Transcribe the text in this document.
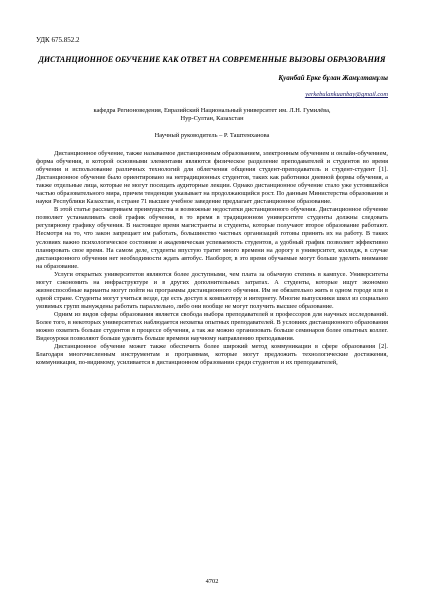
УДК 675.852.2
ДИСТАНЦИОННОЕ ОБУЧЕНИЕ КАК ОТВЕТ НА СОВРЕМЕННЫЕ ВЫЗОВЫ ОБРАЗОВАНИЯ
Қуанбай Ерке бұлан Жанұлтанұлы
yerkebulankuanbay@gmail.com
кафедра Регионоведения, Евразийский Национальный университет им. Л.Н. Гумилёва,
Нур-Султан, Казахстан
Научный руководитель – Р. Таштемханова

Дистанционное обучение, также называемое дистанционным образованием, электронным обучением и онлайн-обучением, форма обучения, в которой основными элементами являются физическое разделение преподавателей и студентов во время обучения и использование различных технологий для облегчения общения студент-преподаватель и студент-студент [1]. Дистанционное обучение было ориентировано на нетрадиционных студентов, таких как работники дневной формы обучения, а также отдельные лица, которые не могут посещать аудиторные лекции. Однако дистанционное обучение стало уже устоявшейся частью образовательного мира, причем тенденция указывает на продолжающийся рост. По данным Министерства образования и науки Республики Казахстан, в стране 71 высшее учебное заведение предлагает дистанционное образование.

В этой статье рассматриваем преимущества и возможные недостатки дистанционного обучения. Дистанционное обучение позволяет устанавливать свой график обучения, в то время в традиционном университете студенты должны следовать регулярному графику обучения. В настоящее время магистранты и студенты, которые получают второе образование работают. Несмотря на то, что закон запрещает им работать, большинство частных организаций готовы принять их на работу. В таких условиях важно психологическое состояние и академическая успеваемость студентов, а удобный график позволяет эффективно планировать свое время. На самом деле, студенты впустую тратят много времени на дорогу в университет, колледж, в случае дистанционного обучения нет необходимости ждать автобус. Наоборот, в это время обучаемые могут больше уделять внимание на образование.

Услуги открытых университетов являются более доступными, чем плата за обычную степень в кампусе. Университеты могут сэкономить на инфраструктуре и в других дополнительных затратах. А студенты, которые ищут экономно жизнеспособные варианты могут пойти на программы дистанционного обучения. Им не обязательно жить в одном городе или в одной стране. Студенты могут учиться везде, где есть доступ к компьютеру и интернету. Многие выпускники школ из социально уязвимых групп вынуждены работать параллельно, либо они вообще не могут получить высшее образование.

Одним из видов сферы образования является свобода выбора преподавателей и профессоров для научных исследований. Более того, в некоторых университетах наблюдается нехватка опытных преподавателей. В условиях дистанционного образования можно охватить больше студентов в процессе обучения, а так же можно организовать больше семинаров более опытных коллег. Видеоуроки позволяют больше уделить больше времени научному направлению преподавания.

Дистанционное обучение может также обеспечить более широкий метод коммуникации в сфере образования [2]. Благодаря многочисленным инструментам и программам, которые могут предложить технологические достижения, коммуникация, по-видимому, усиливается в дистанционном образовании среди студентов и их преподавателей,

4702
